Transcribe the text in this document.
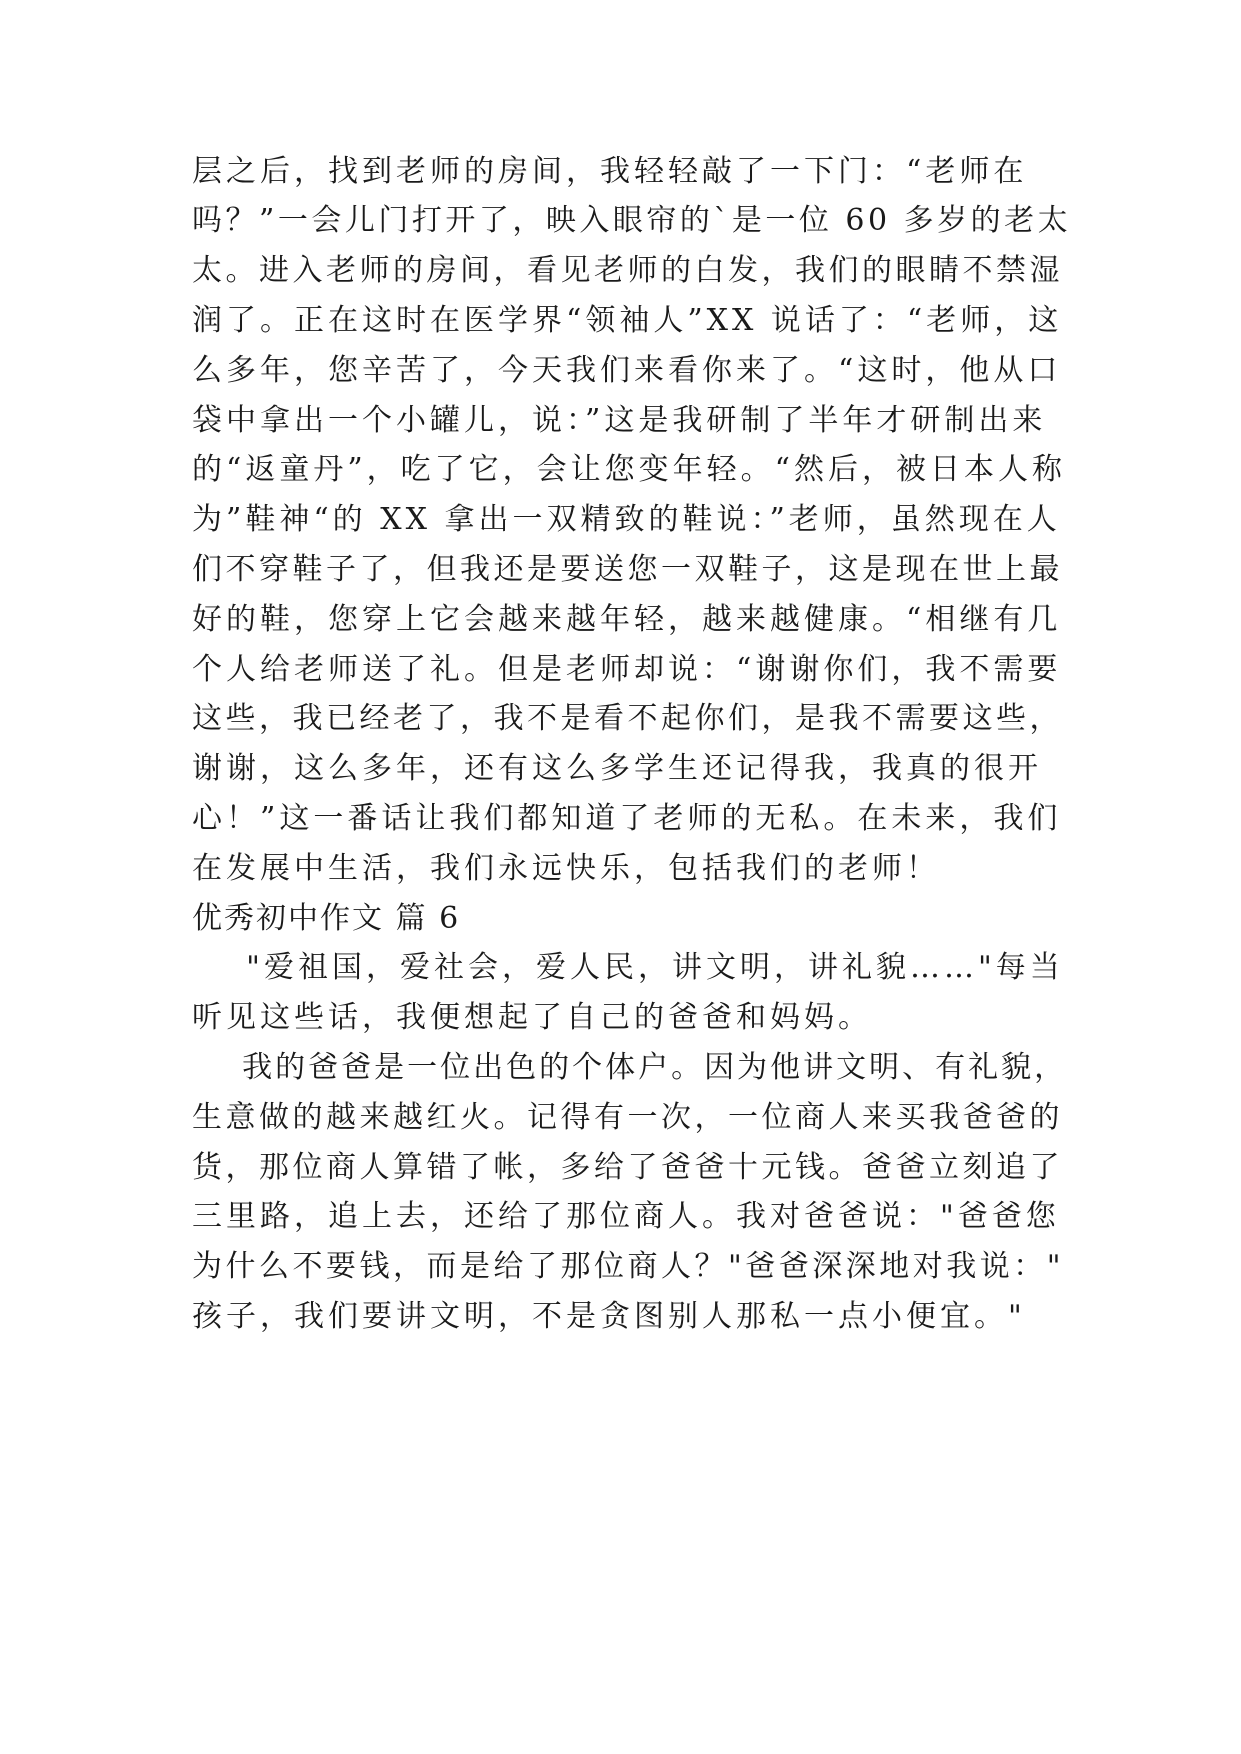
层之后，找到老师的房间，我轻轻敲了一下门：“老师在
吗？”一会儿门打开了，映入眼帘的`是一位 60 多岁的老太
太。进入老师的房间，看见老师的白发，我们的眼睛不禁湿
润了。正在这时在医学界“领袖人”XX 说话了：“老师，这
么多年，您辛苦了，今天我们来看你来了。“这时，他从口
袋中拿出一个小罐儿，说：”这是我研制了半年才研制出来
的“返童丹”，吃了它，会让您变年轻。“然后，被日本人称
为”鞋神“的 XX 拿出一双精致的鞋说：”老师，虽然现在人
们不穿鞋子了，但我还是要送您一双鞋子，这是现在世上最
好的鞋，您穿上它会越来越年轻，越来越健康。“相继有几
个人给老师送了礼。但是老师却说：“谢谢你们，我不需要
这些，我已经老了，我不是看不起你们，是我不需要这些，
谢谢，这么多年，还有这么多学生还记得我，我真的很开
心！”这一番话让我们都知道了老师的无私。在未来，我们
在发展中生活，我们永远快乐，包括我们的老师！
优秀初中作文 篇 6
"爱祖国，爱社会，爱人民，讲文明，讲礼貌……"每当
听见这些话，我便想起了自己的爸爸和妈妈。
我的爸爸是一位出色的个体户。因为他讲文明、有礼貌，
生意做的越来越红火。记得有一次，一位商人来买我爸爸的
货，那位商人算错了帐，多给了爸爸十元钱。爸爸立刻追了
三里路，追上去，还给了那位商人。我对爸爸说："爸爸您
为什么不要钱，而是给了那位商人？"爸爸深深地对我说："
孩子，我们要讲文明，不是贪图别人那私一点小便宜。"
